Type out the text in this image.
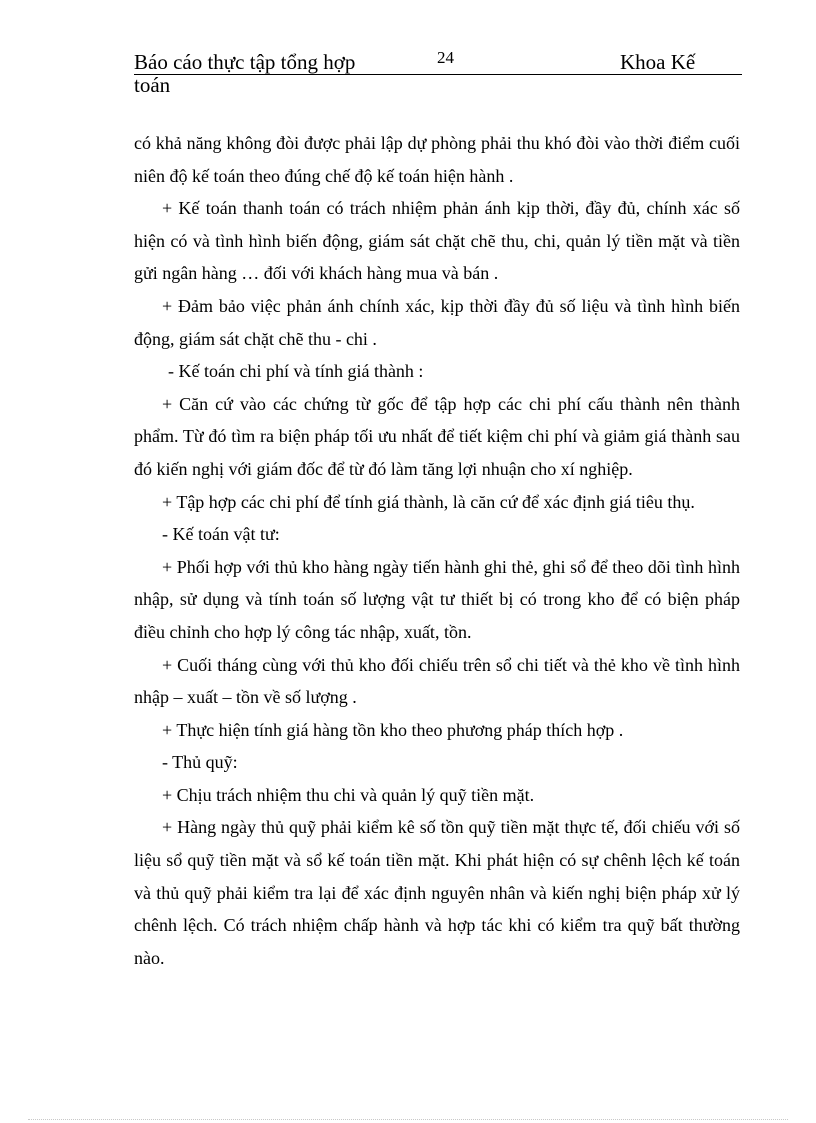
Báo cáo thực tập tổng hợp	24	Khoa Kế
toán

có khả năng không đòi được phải lập dự phòng phải thu khó đòi vào thời điểm cuối niên độ kế toán theo đúng chế độ kế toán hiện hành .

+ Kế toán thanh toán có trách nhiệm phản ánh kịp thời, đầy đủ, chính xác số hiện có và tình hình biến động, giám sát chặt chẽ thu, chi, quản lý tiền mặt và tiền gửi ngân hàng … đối với khách hàng mua và bán .

+ Đảm bảo việc phản ánh chính xác, kịp thời đầy đủ số liệu và tình hình biến động, giám sát chặt chẽ thu - chi .

- Kế toán chi phí và tính giá thành :

+ Căn cứ vào các chứng từ gốc để tập hợp các chi phí cấu thành nên thành phẩm. Từ đó tìm ra biện pháp tối ưu nhất để tiết kiệm chi phí và giảm giá thành sau đó kiến nghị với giám đốc để từ đó làm tăng lợi nhuận cho xí nghiệp.

+ Tập hợp các chi phí để tính giá thành, là căn cứ để xác định giá tiêu thụ.

- Kế toán vật tư:

+ Phối hợp với thủ kho hàng ngày tiến hành ghi thẻ, ghi sổ để theo dõi tình hình nhập, sử dụng và tính toán số lượng vật tư thiết bị có trong kho để có biện pháp điều chỉnh cho hợp lý công tác nhập, xuất, tồn.

+ Cuối tháng cùng với thủ kho đối chiếu trên sổ chi tiết và thẻ kho về tình hình nhập – xuất – tồn về số lượng .

+ Thực hiện tính giá hàng tồn kho theo phương pháp thích hợp .

- Thủ quỹ:

+ Chịu trách nhiệm thu chi và quản lý quỹ tiền mặt.

+ Hàng ngày thủ quỹ phải kiểm kê số tồn quỹ tiền mặt thực tế, đối chiếu với số liệu sổ quỹ tiền mặt và sổ kế toán tiền mặt. Khi phát hiện có sự chênh lệch kế toán và thủ quỹ phải kiểm tra lại để xác định nguyên nhân và kiến nghị biện pháp xử lý chênh lệch. Có trách nhiệm chấp hành và hợp tác khi có kiểm tra quỹ bất thường nào.
